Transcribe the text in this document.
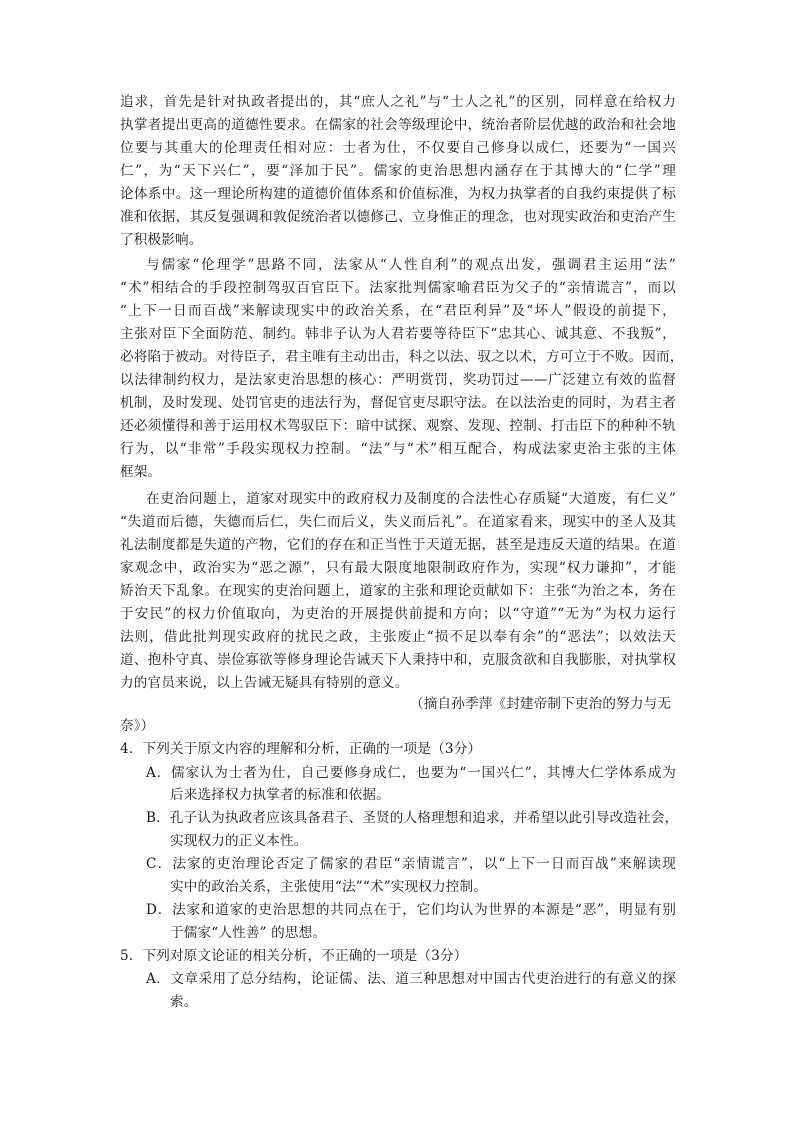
追求，首先是针对执政者提出的，其“庶人之礼”与“士人之礼”的区别，同样意在给权力
执掌者提出更高的道德性要求。在儒家的社会等级理论中，统治者阶层优越的政治和社会地
位要与其重大的伦理责任相对应：士者为仕，不仅要自己修身以成仁，还要为“一国兴
仁”，为“天下兴仁”，要“泽加于民”。儒家的吏治思想内涵存在于其博大的“仁学”理
论体系中。这一理论所构建的道德价值体系和价值标准，为权力执掌者的自我约束提供了标
准和依据，其反复强调和敦促统治者以德修己、立身惟正的理念，也对现实政治和吏治产生
了积极影响。
与儒家“伦理学”思路不同，法家从“人性自利”的观点出发，强调君主运用“法”
“术”相结合的手段控制驾驭百官臣下。法家批判儒家喻君臣为父子的“亲情谎言”，而以
“上下一日而百战”来解读现实中的政治关系，在“君臣利异”及“坏人”假设的前提下，
主张对臣下全面防范、制约。韩非子认为人君若要等待臣下“忠其心、诚其意、不我叛”，
必将陷于被动。对待臣子，君主唯有主动出击，科之以法、驭之以术，方可立于不败。因而，
以法律制约权力，是法家吏治思想的核心：严明赏罚，奖功罚过——广泛建立有效的监督
机制，及时发现、处罚官吏的违法行为，督促官吏尽职守法。在以法治吏的同时，为君主者
还必须懂得和善于运用权术驾驭臣下：暗中试探、观察、发现、控制、打击臣下的种种不轨
行为，以“非常”手段实现权力控制。“法”与“术”相互配合，构成法家吏治主张的主体
框架。
在吏治问题上，道家对现实中的政府权力及制度的合法性心存质疑“大道废，有仁义”
“失道而后德，失德而后仁，失仁而后义，失义而后礼”。在道家看来，现实中的圣人及其
礼法制度都是失道的产物，它们的存在和正当性于天道无据，甚至是违反天道的结果。在道
家观念中，政治实为“恶之源”，只有最大限度地限制政府作为，实现“权力谦抑”，才能
矫治天下乱象。在现实的吏治问题上，道家的主张和理论贡献如下：主张“为治之本，务在
于安民”的权力价值取向，为吏治的开展提供前提和方向；以“守道”“无为”为权力运行
法则，借此批判现实政府的扰民之政，主张废止“损不足以奉有余”的“恶法”；以效法天
道、抱朴守真、崇俭寡欲等修身理论告诫天下人秉持中和，克服贪欲和自我膨胀，对执掌权
力的官员来说，以上告诫无疑具有特别的意义。
（摘自孙季萍《封建帝制下吏治的努力与无
奈》）
4．下列关于原文内容的理解和分析，正确的一项是（3分）
A．儒家认为士者为仕，自己要修身成仁，也要为“一国兴仁”，其博大仁学体系成为
后来选择权力执掌者的标准和依据。
B．孔子认为执政者应该具备君子、圣贤的人格理想和追求，并希望以此引导改造社会，
实现权力的正义本性。
C．法家的吏治理论否定了儒家的君臣“亲情谎言”，以“上下一日而百战”来解读现
实中的政治关系，主张使用“法”“术”实现权力控制。
D．法家和道家的吏治思想的共同点在于，它们均认为世界的本源是“恶”，明显有别
于儒家“人性善” 的思想。
5．下列对原文论证的相关分析，不正确的一项是（3分）
A．文章采用了总分结构，论证儒、法、道三种思想对中国古代吏治进行的有意义的探
索。
